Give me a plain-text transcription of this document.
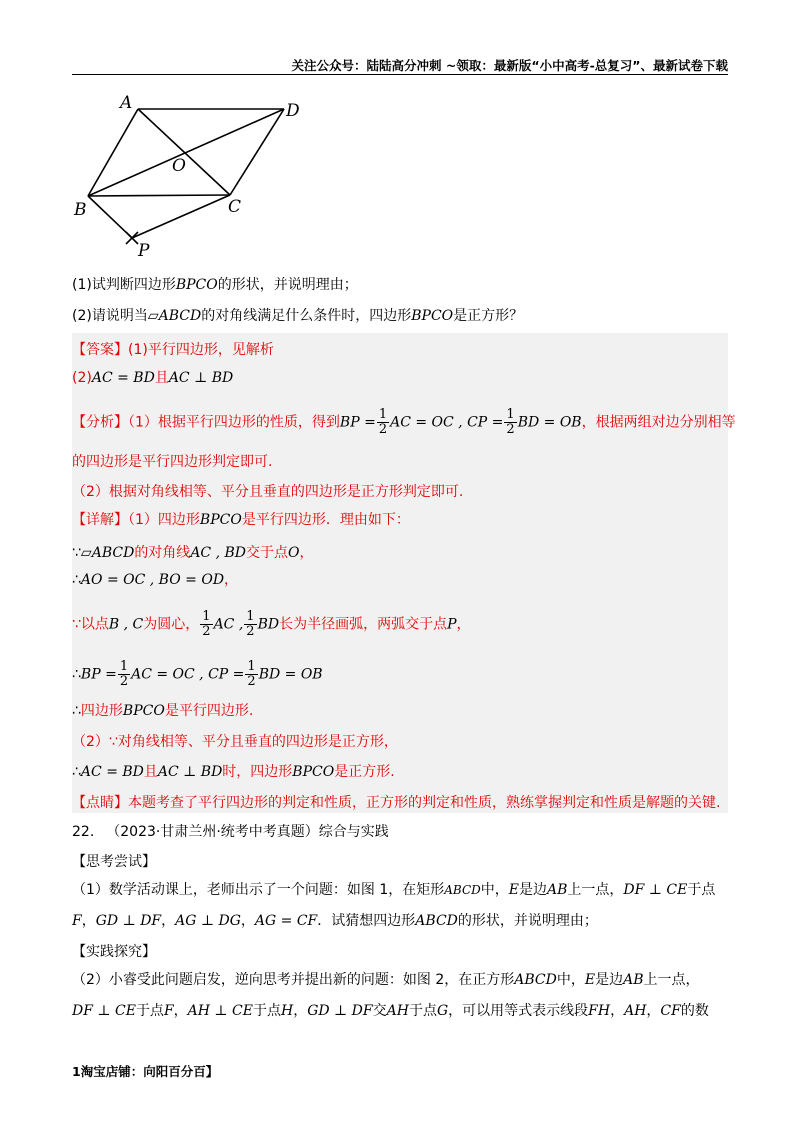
关注公众号：陆陆高分冲刺 ~领取：最新版“小中高考-总复习”、最新试卷下载
A	D
O
B	C
P
(1)试判断四边形BPCO的形状，并说明理由；
(2)请说明当▱ABCD的对角线满足什么条件时，四边形BPCO是正方形？
【答案】(1)平行四边形，见解析
(2)AC = BD且AC ⊥ BD
【分析】（1）根据平行四边形的性质，得到BP = $\frac{1}{2}$ AC = OC , CP = $\frac{1}{2}$ BD = OB，根据两组对边分别相等
的四边形是平行四边形判定即可.
（2）根据对角线相等、平分且垂直的四边形是正方形判定即可.
【详解】（1）四边形BPCO是平行四边形．理由如下：
∵▱ABCD的对角线AC , BD交于点O，
∴AO = OC , BO = OD，
∵以点B , C为圆心， $\frac{1}{2}$ AC , $\frac{1}{2}$ BD长为半径画弧，两弧交于点P，
∴BP = $\frac{1}{2}$ AC = OC , CP = $\frac{1}{2}$ BD = OB
∴四边形BPCO是平行四边形.
（2）∵对角线相等、平分且垂直的四边形是正方形，
∴AC = BD且AC ⊥ BD时，四边形BPCO是正方形.
【点睛】本题考查了平行四边形的判定和性质，正方形的判定和性质，熟练掌握判定和性质是解题的关键.
22. （2023·甘肃兰州·统考中考真题）综合与实践
【思考尝试】
（1）数学活动课上，老师出示了一个问题：如图 1，在矩形ABCD中，E是边AB上一点，DF ⊥ CE于点
F，GD ⊥ DF，AG ⊥ DG，AG = CF．试猜想四边形ABCD的形状，并说明理由；
【实践探究】
（2）小睿受此问题启发，逆向思考并提出新的问题：如图 2，在正方形ABCD中，E是边AB上一点，
DF ⊥ CE于点F，AH ⊥ CE于点H，GD ⊥ DF交AH于点G，可以用等式表示线段FH，AH，CF的数
1淘宝店铺：向阳百分百】
